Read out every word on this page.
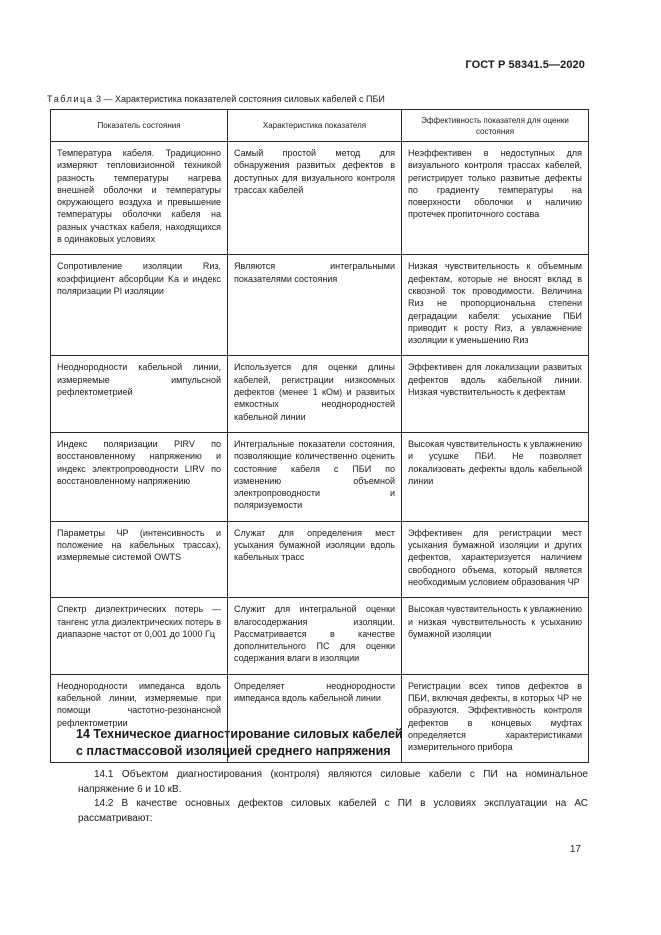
ГОСТ Р 58341.5—2020
Таблица 3 — Характеристика показателей состояния силовых кабелей с ПБИ
Показатель состояния	Характеристика показателя	Эффективность показателя для оценки состояния
Температура кабеля. Традиционно измеряют тепловизионной техникой разность температуры нагрева внешней оболочки и температуры окружающего воздуха и превышение температуры оболочки кабеля на разных участках кабеля, находящихся в одинаковых условиях	Самый простой метод для обнаружения развитых дефектов в доступных для визуального контроля трассах кабелей	Неэффективен в недоступных для визуального контроля трассах кабелей, регистрирует только развитые дефекты по градиенту температуры на поверхности оболочки и наличию протечек пропиточного состава
Сопротивление изоляции Rиз, коэффициент абсорбции Kа и индекс поляризации PI изоляции	Являются интегральными показателями состояния	Низкая чувствительность к объемным дефектам, которые не вносят вклад в сквозной ток проводимости. Величина Rиз не пропорциональна степени деградации кабеля: усыхание ПБИ приводит к росту Rиз, а увлажнение изоляции к уменьшению Rиз
Неоднородности кабельной линии, измеряемые импульсной рефлектометрией	Используется для оценки длины кабелей, регистрации низкоомных дефектов (менее 1 кОм) и развитых емкостных неоднородностей кабельной линии	Эффективен для локализации развитых дефектов вдоль кабельной линии. Низкая чувствительность к дефектам
Индекс поляризации PIRV по восстановленному напряжению и индекс электропроводности LIRV по восстановленному напряжению	Интегральные показатели состояния, позволяющие количественно оценить состояние кабеля с ПБИ по изменению объемной электропроводности и поляризуемости	Высокая чувствительность к увлажнению и усушке ПБИ. Не позволяет локализовать дефекты вдоль кабельной линии
Параметры ЧР (интенсивность и положение на кабельных трассах), измеряемые системой OWTS	Служат для определения мест усыхания бумажной изоляции вдоль кабельных трасс	Эффективен для регистрации мест усыхания бумажной изоляции и других дефектов, характеризуется наличием свободного объема, который является необходимым условием образования ЧР
Спектр диэлектрических потерь — тангенс угла диэлектрических потерь в диапазоне частот от 0,001 до 1000 Гц	Служит для интегральной оценки влагосодержания изоляции. Рассматривается в качестве дополнительного ПС для оценки содержания влаги в изоляции	Высокая чувствительность к увлажнению и низкая чувствительность к усыханию бумажной изоляции
Неоднородности импеданса вдоль кабельной линии, измеряемые при помощи частотно-резонансной рефлектометрии	Определяет неоднородности импеданса вдоль кабельной линии	Регистрации всех типов дефектов в ПБИ, включая дефекты, в которых ЧР не образуются. Эффективность контроля дефектов в концевых муфтах определяется характеристиками измерительного прибора
14 Техническое диагностирование силовых кабелей
с пластмассовой изоляцией среднего напряжения
14.1 Объектом диагностирования (контроля) являются силовые кабели с ПИ на номинальное напряжение 6 и 10 кВ.
14.2 В качестве основных дефектов силовых кабелей с ПИ в условиях эксплуатации на АС рассматривают:
17
